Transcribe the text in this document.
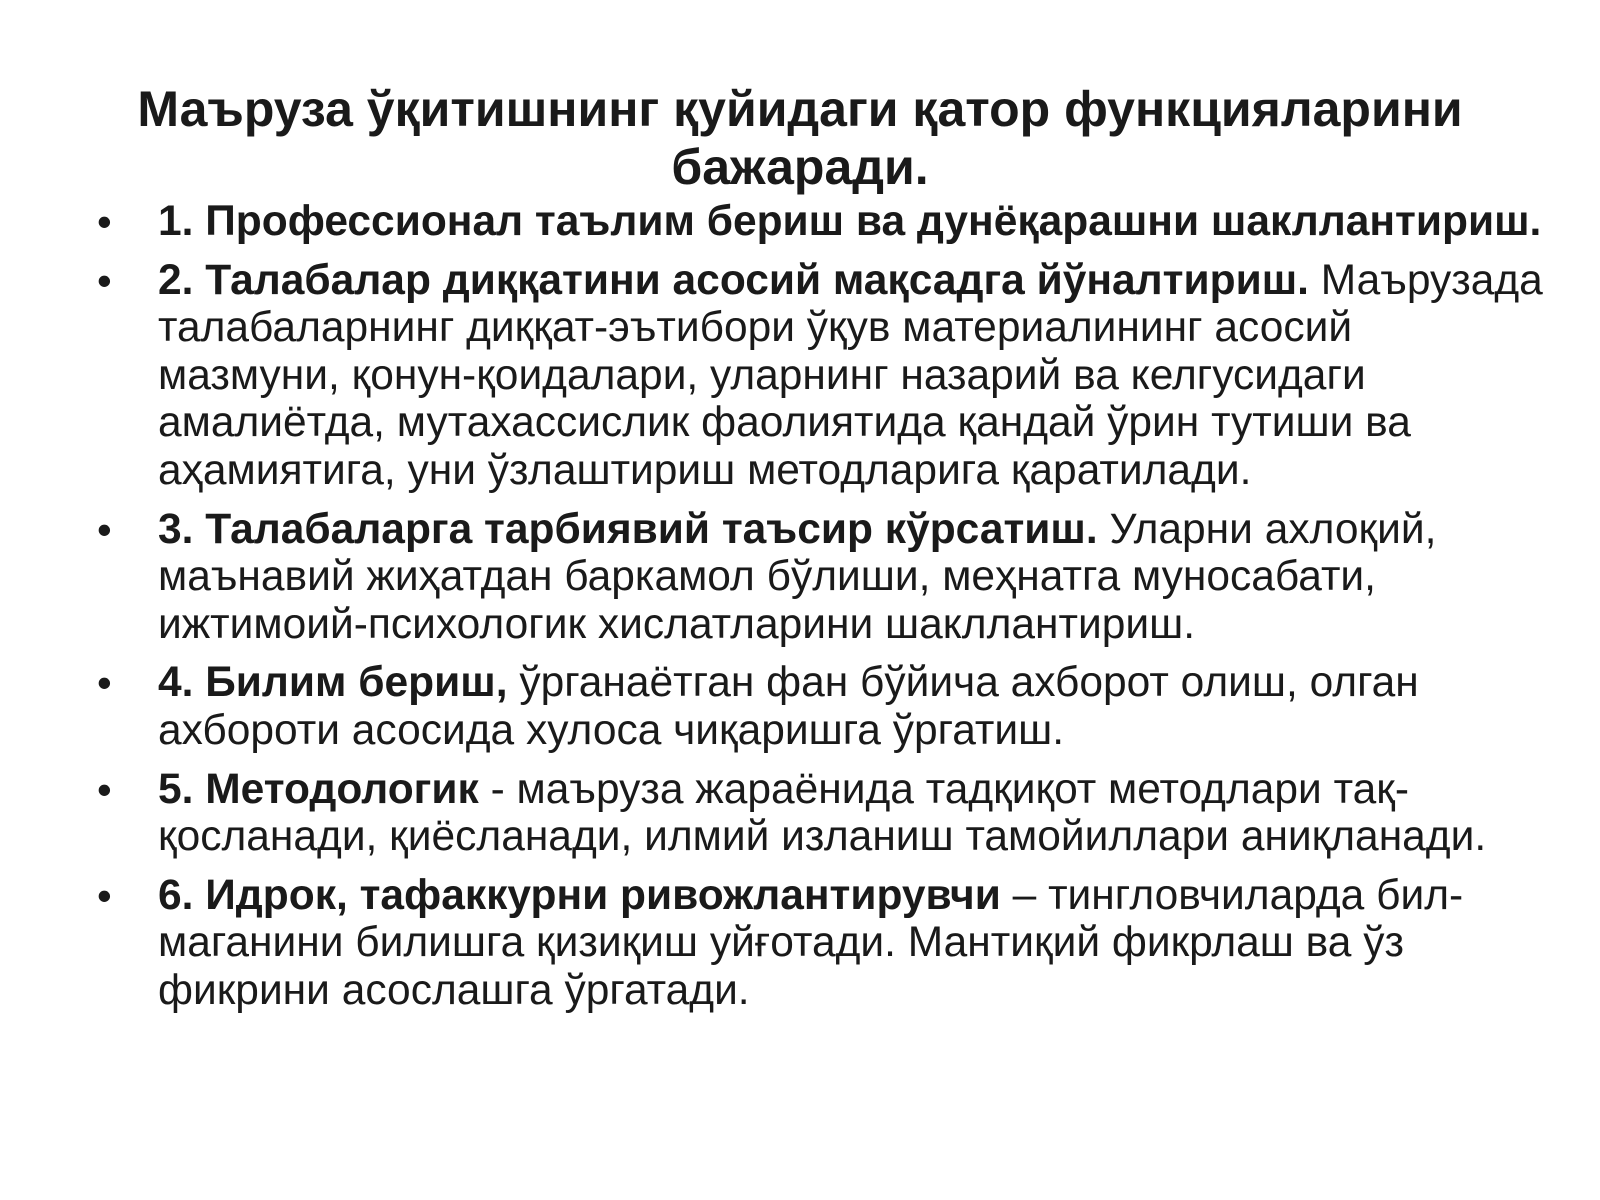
Маъруза ўқитишнинг қуйидаги қатор функцияларини бажаради.
• 1. Профессионал таълим бериш ва дунёқарашни шакллантириш.
• 2. Талабалар диққатини асосий мақсадга йўналтириш. Маърузада талабаларнинг диққат-эътибори ўқув материалининг асосий мазмуни, қонун-қоидалари, уларнинг назарий ва келгусидаги амалиётда, мутахассислик фаолиятида қандай ўрин тутиши ва аҳамиятига, уни ўзлаштириш методларига қаратилади.
• 3. Талабаларга тарбиявий таъсир кўрсатиш. Уларни ахлоқий, маънавий жиҳатдан баркамол бўлиши, меҳнатга муносабати, ижтимоий-психологик хислатларини шакллантириш.
• 4. Билим бериш, ўрганаётган фан бўйича ахборот олиш, олган ахбороти асосида хулоса чиқаришга ўргатиш.
• 5. Методологик - маъруза жараёнида тадқиқот методлари тақ-қосланади, қиёсланади, илмий изланиш тамойиллари аниқланади.
• 6. Идрок, тафаккурни ривожлантирувчи – тингловчиларда бил-маганини билишга қизиқиш уйғотади. Мантиқий фикрлаш ва ўз фикрини асослашга ўргатади.
